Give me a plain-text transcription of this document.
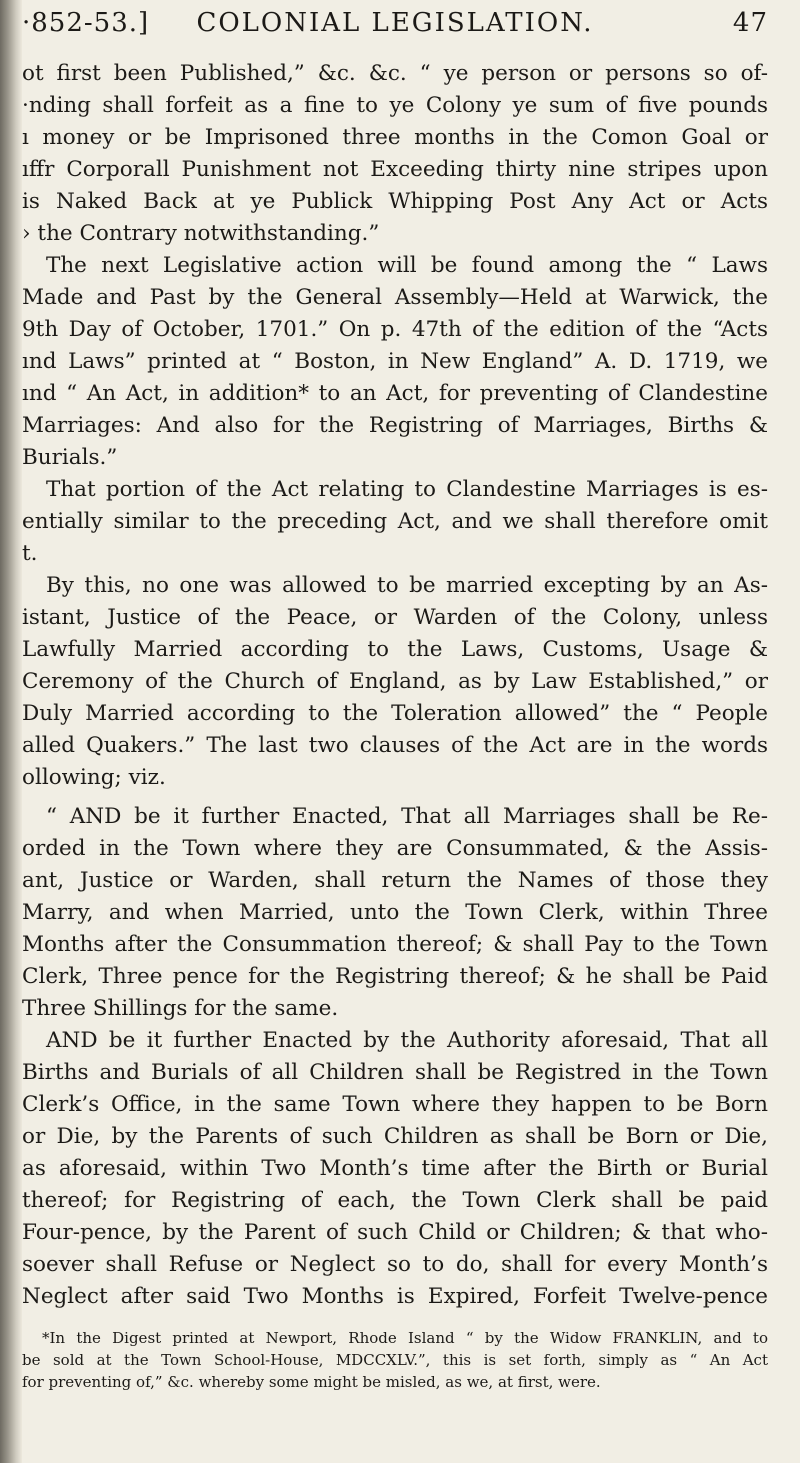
·852-53.]	COLONIAL LEGISLATION.	47
ot first been Published,” &c. &c. “ ye person or persons so of-
·nding shall forfeit as a fine to ye Colony ye sum of five pounds
ı money or be Imprisoned three months in the Comon Goal or
ıffr Corporall Punishment not Exceeding thirty nine stripes upon
is Naked Back at ye Publick Whipping Post Any Act or Acts
› the Contrary notwithstanding.”
The next Legislative action will be found among the “ Laws
Made and Past by the General Assembly—Held at Warwick, the
9th Day of October, 1701.” On p. 47th of the edition of the “Acts
ınd Laws” printed at “ Boston, in New England” A. D. 1719, we
ınd “ An Act, in addition* to an Act, for preventing of Clandestine
Marriages: And also for the Registring of Marriages, Births &
Burials.”
That portion of the Act relating to Clandestine Marriages is es-
entially similar to the preceding Act, and we shall therefore omit
t.
By this, no one was allowed to be married excepting by an As-
istant, Justice of the Peace, or Warden of the Colony, unless
Lawfully Married according to the Laws, Customs, Usage &
Ceremony of the Church of England, as by Law Established,” or
Duly Married according to the Toleration allowed” the “ People
alled Quakers.” The last two clauses of the Act are in the words
ollowing; viz.
“ AND be it further Enacted, That all Marriages shall be Re-
orded in the Town where they are Consummated, & the Assis-
ant, Justice or Warden, shall return the Names of those they
Marry, and when Married, unto the Town Clerk, within Three
Months after the Consummation thereof; & shall Pay to the Town
Clerk, Three pence for the Registring thereof; & he shall be Paid
Three Shillings for the same.
AND be it further Enacted by the Authority aforesaid, That all
Births and Burials of all Children shall be Registred in the Town
Clerk’s Office, in the same Town where they happen to be Born
or Die, by the Parents of such Children as shall be Born or Die,
as aforesaid, within Two Month’s time after the Birth or Burial
thereof; for Registring of each, the Town Clerk shall be paid
Four-pence, by the Parent of such Child or Children; & that who-
soever shall Refuse or Neglect so to do, shall for every Month’s
Neglect after said Two Months is Expired, Forfeit Twelve-pence
*In the Digest printed at Newport, Rhode Island “ by the Widow FRANKLIN, and to
be sold at the Town School-House, MDCCXLV.”, this is set forth, simply as “ An Act
for preventing of,” &c. whereby some might be misled, as we, at first, were.
